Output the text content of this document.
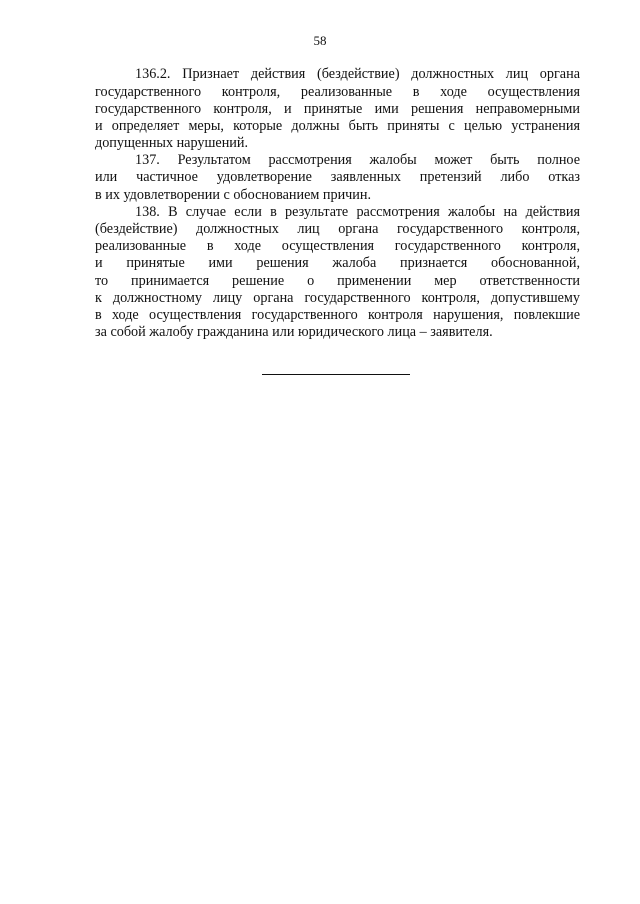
58
136.2. Признает действия (бездействие) должностных лиц органа
государственного контроля, реализованные в ходе осуществления
государственного контроля, и принятые ими решения неправомерными
и определяет меры, которые должны быть приняты с целью устранения
допущенных нарушений.
137. Результатом рассмотрения жалобы может быть полное
или частичное удовлетворение заявленных претензий либо отказ
в их удовлетворении с обоснованием причин.
138. В случае если в результате рассмотрения жалобы на действия
(бездействие) должностных лиц органа государственного контроля,
реализованные в ходе осуществления государственного контроля,
и принятые ими решения жалоба признается обоснованной,
то принимается решение о применении мер ответственности
к должностному лицу органа государственного контроля, допустившему
в ходе осуществления государственного контроля нарушения, повлекшие
за собой жалобу гражданина или юридического лица – заявителя.
